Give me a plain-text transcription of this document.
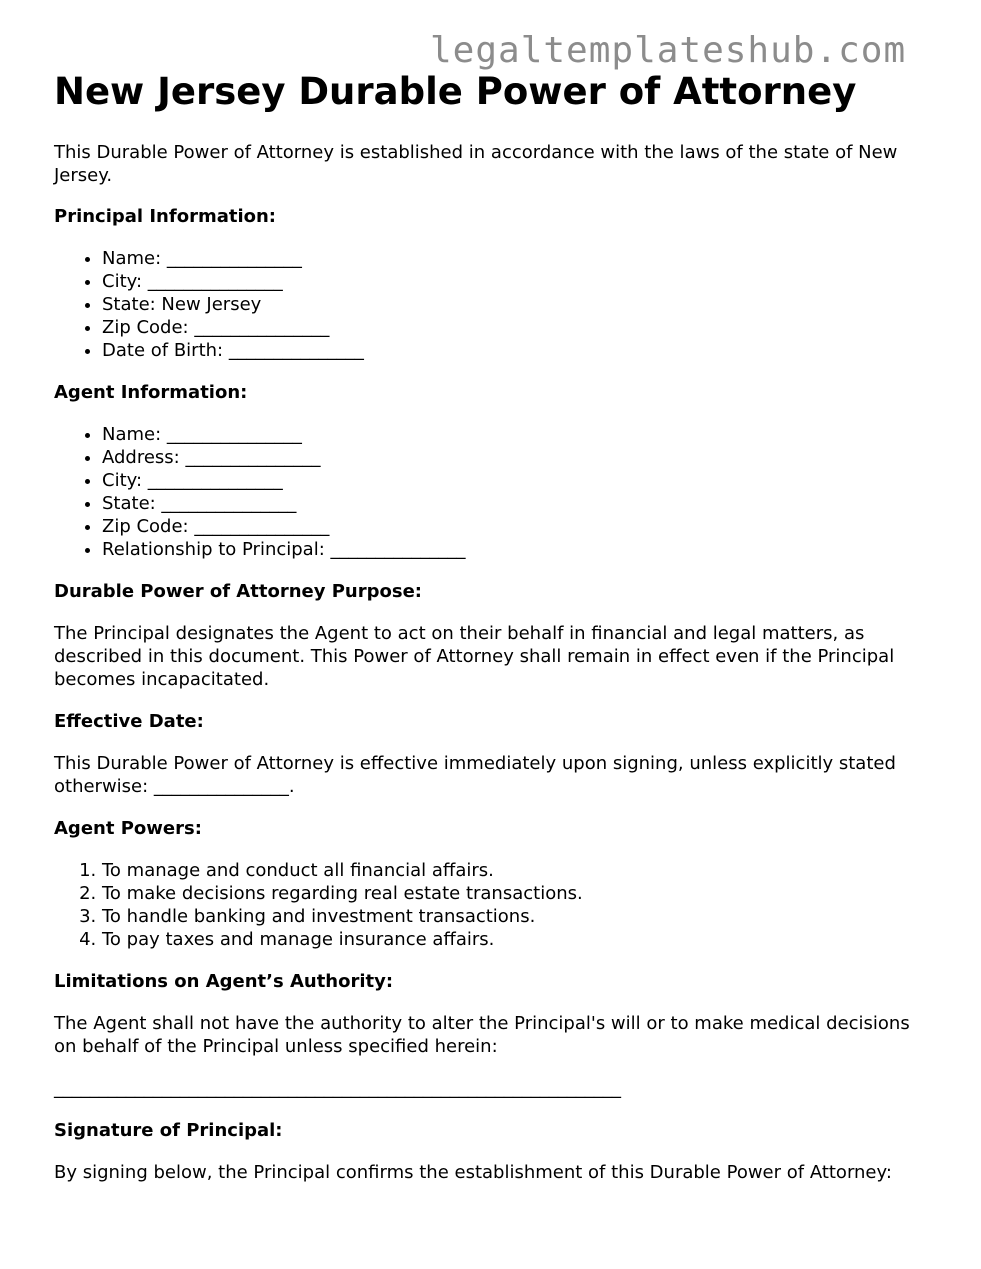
legaltemplateshub.com
New Jersey Durable Power of Attorney

This Durable Power of Attorney is established in accordance with the laws of the state of New Jersey.

Principal Information:
• Name: _______________
• City: _______________
• State: New Jersey
• Zip Code: _______________
• Date of Birth: _______________
Agent Information:
• Name: _______________
• Address: _______________
• City: _______________
• State: _______________
• Zip Code: _______________
• Relationship to Principal: _______________
Durable Power of Attorney Purpose:

The Principal designates the Agent to act on their behalf in financial and legal matters, as described in this document. This Power of Attorney shall remain in effect even if the Principal becomes incapacitated.

Effective Date:

This Durable Power of Attorney is effective immediately upon signing, unless explicitly stated otherwise: _______________.

Agent Powers:
1. To manage and conduct all financial affairs.
2. To make decisions regarding real estate transactions.
3. To handle banking and investment transactions.
4. To pay taxes and manage insurance affairs.
Limitations on Agent’s Authority:

The Agent shall not have the authority to alter the Principal's will or to make medical decisions on behalf of the Principal unless specified herein:

_______________________________________________________________
Signature of Principal:

By signing below, the Principal confirms the establishment of this Durable Power of Attorney:
